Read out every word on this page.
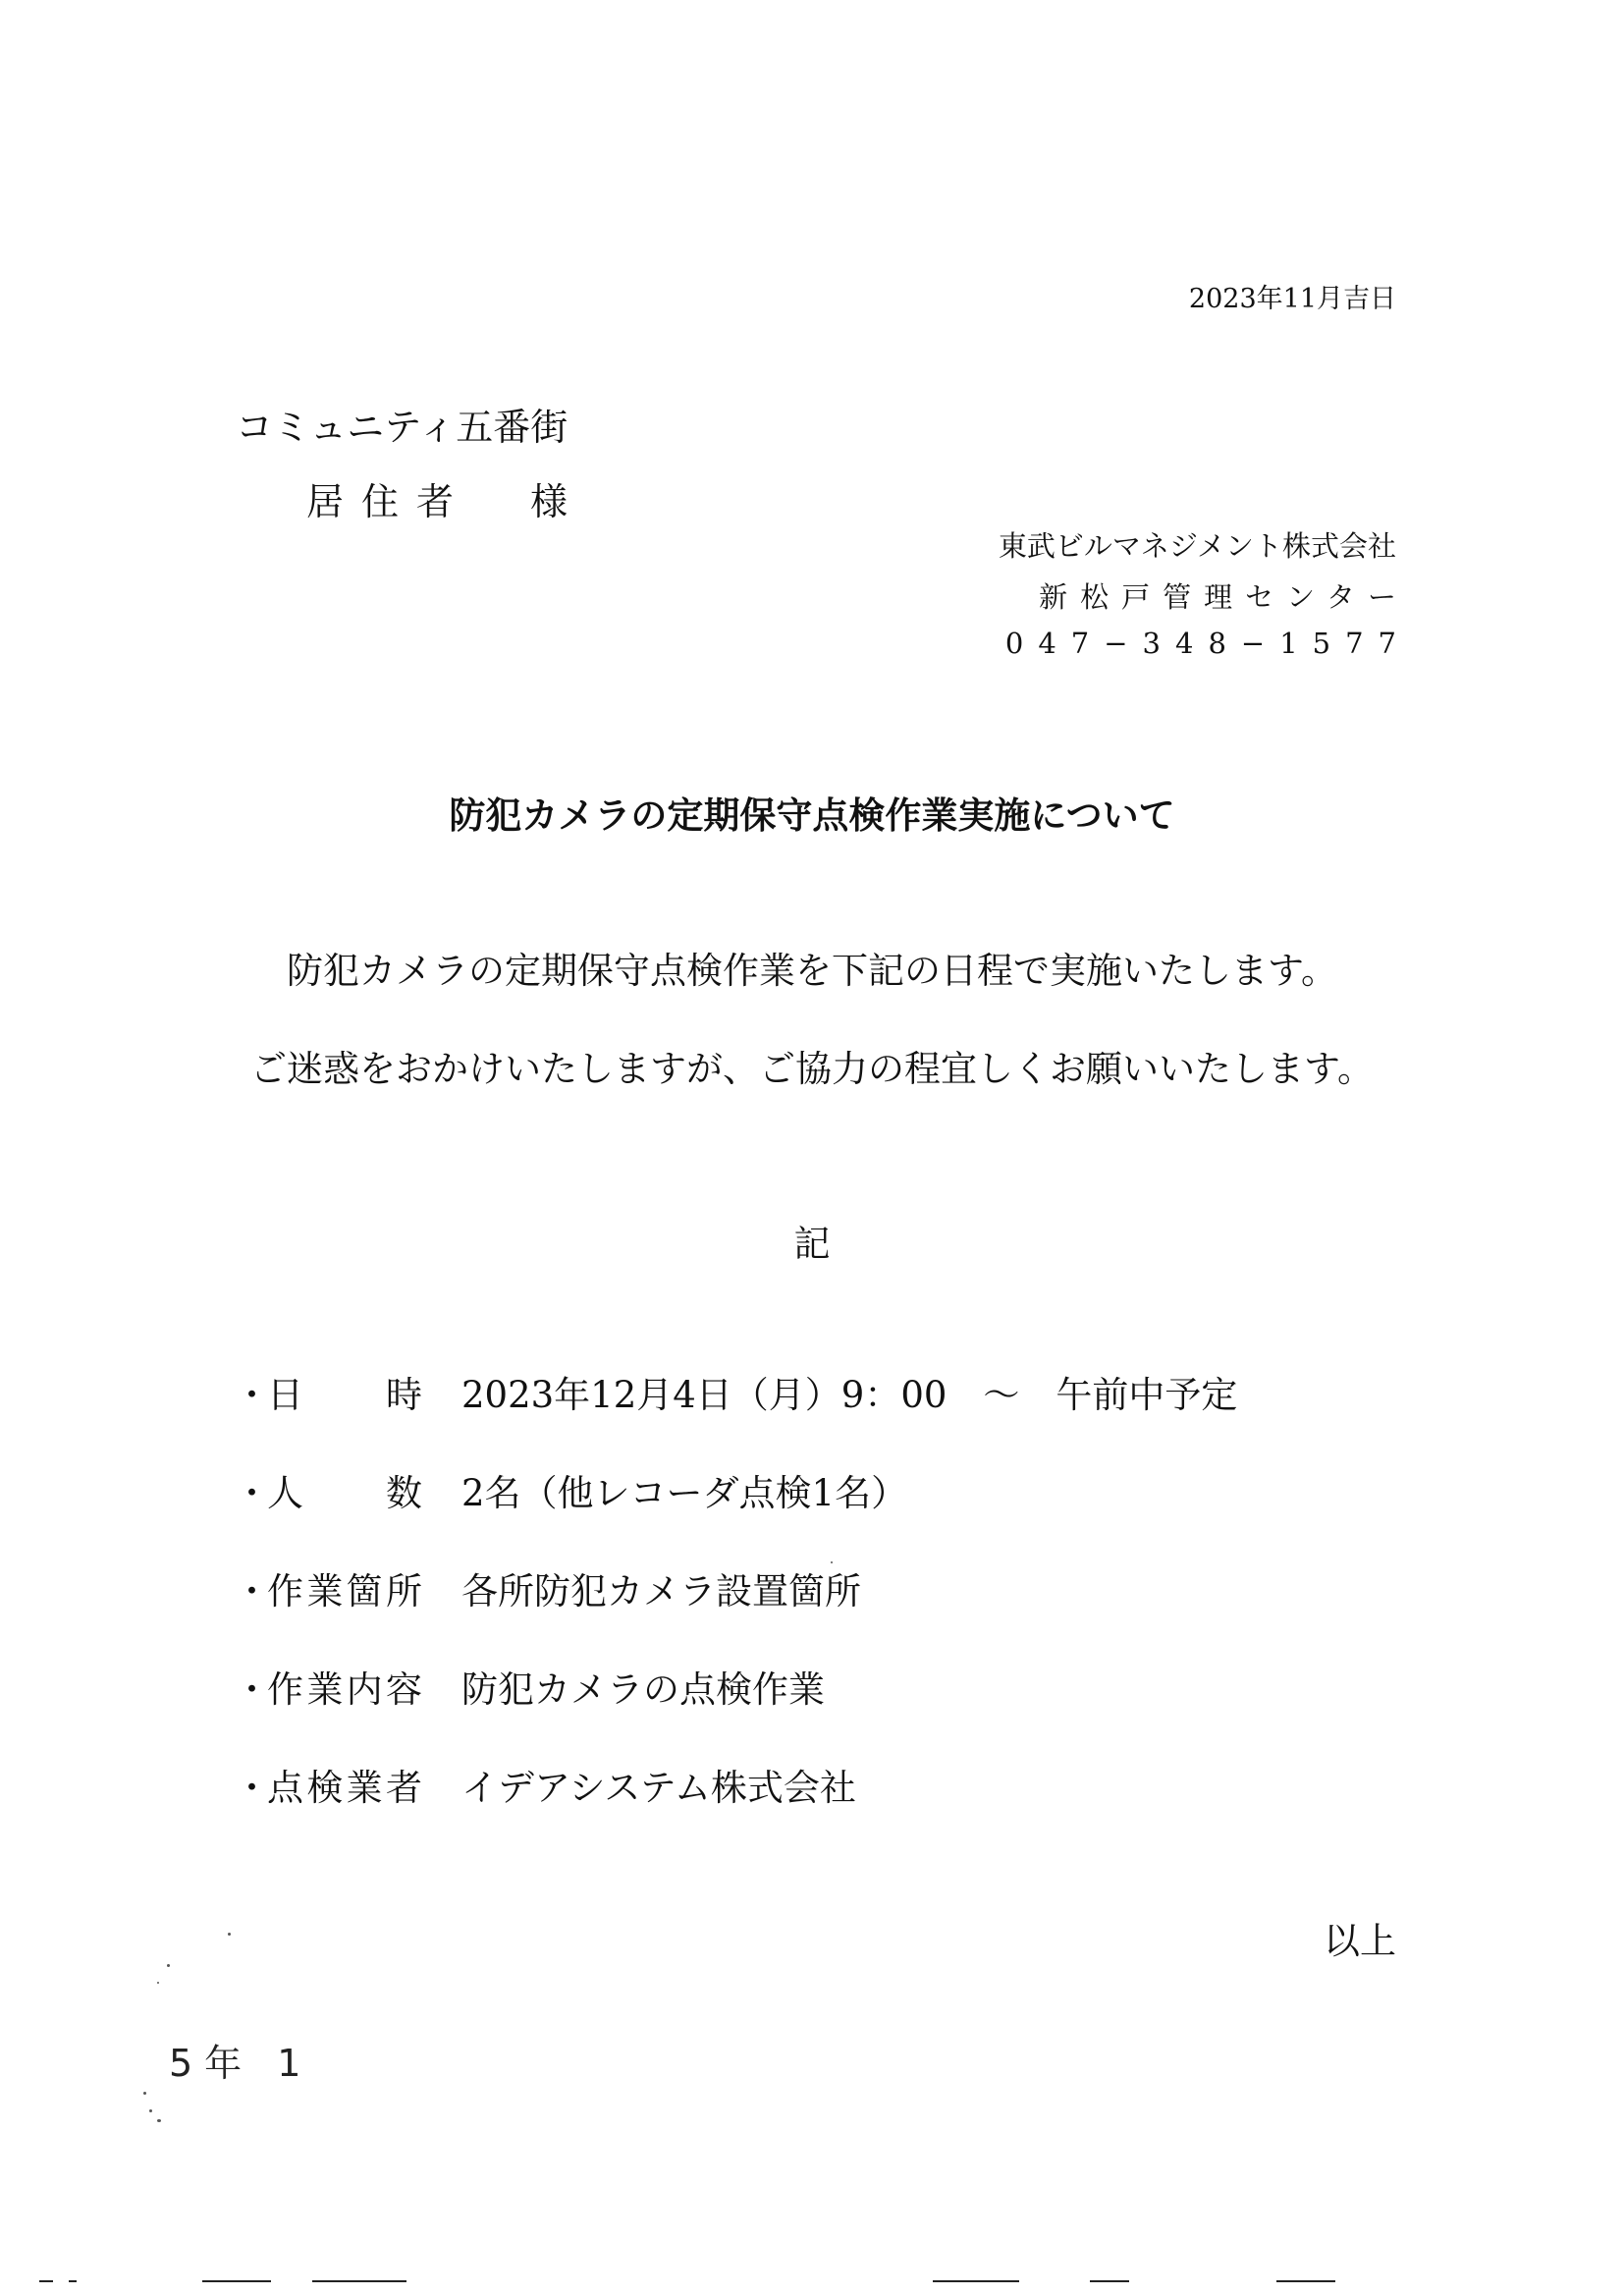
2023年11月吉日
コミュニティ五番街
居住者 様
東武ビルマネジメント株式会社
新松戸管理センター
047−348−1577
防犯カメラの定期保守点検作業実施について
防犯カメラの定期保守点検作業を下記の日程で実施いたします。
ご迷惑をおかけいたしますが、ご協力の程宜しくお願いいたします。
記
・
日時 2023年12月4日（月）9：00　～　午前中予定
・
人数 2名（他レコーダ点検1名）
・
作業箇所 各所防犯カメラ設置箇所
・
作業内容 防犯カメラの点検作業
・
点検業者 イデアシステム株式会社
以上
5年 1
